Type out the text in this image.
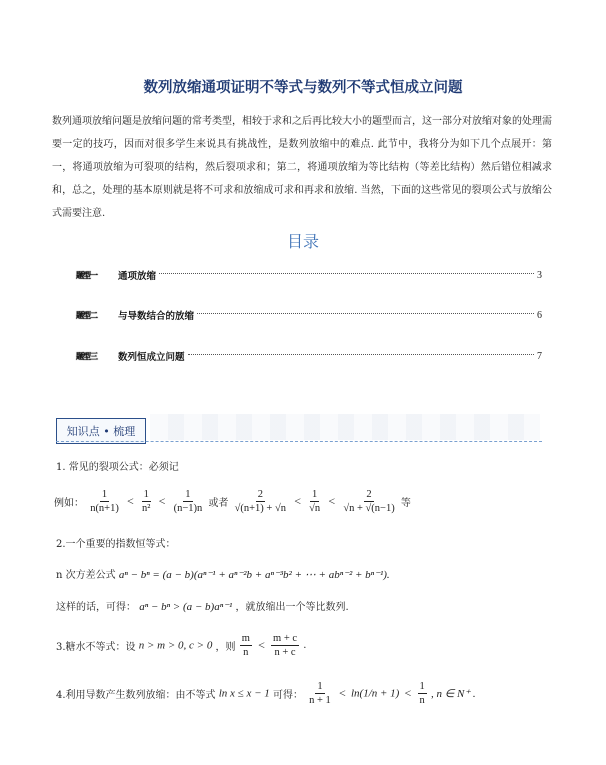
数列放缩通项证明不等式与数列不等式恒成立问题
数列通项放缩问题是放缩问题的常考类型，相较于求和之后再比较大小的题型而言，这一部分对放缩对象的处理需要一定的技巧，因而对很多学生来说具有挑战性，是数列放缩中的难点. 此节中，我将分为如下几个点展开：第一，将通项放缩为可裂项的结构，然后裂项求和；第二，将通项放缩为等比结构（等差比结构）然后错位相减求和，总之，处理的基本原则就是将不可求和放缩成可求和再求和放缩. 当然，下面的这些常见的裂项公式与放缩公式需要注意.
目录
题型一	通项放缩	3
题型二	与导数结合的放缩	6
题型三	数列恒成立问题	7
知识点 • 梳理
1. 常见的裂项公式：必须记
例如： $\frac{1}{n(n+1)} < \frac{1}{\text{n²}} < \frac{1}{(n-1)n}$ 或者 $\frac{2}{√(n+1) + √n} < \frac{1}{√n} < \frac{2}{√n + √(n-1)}$ 等
2.一个重要的指数恒等式：
n 次方差公式 aⁿ − bⁿ = (a − b)(aⁿ⁻¹ + aⁿ⁻²b + aⁿ⁻³b² + ⋯ + abⁿ⁻² + bⁿ⁻¹).
这样的话，可得： aⁿ − bⁿ > (a − b)aⁿ⁻¹ ，就放缩出一个等比数列.
3.糖水不等式：设 n > m > 0, c > 0 ，则 $\frac{m}{n} < \frac{m + c}{n + c}$ .
4.利用导数产生数列放缩：由不等式 ln x ≤ x − 1 可得： $\frac{1}{n + 1} < \ln(1/n + 1) < \frac{1}{n}$ , n ∈ N⁺ .
